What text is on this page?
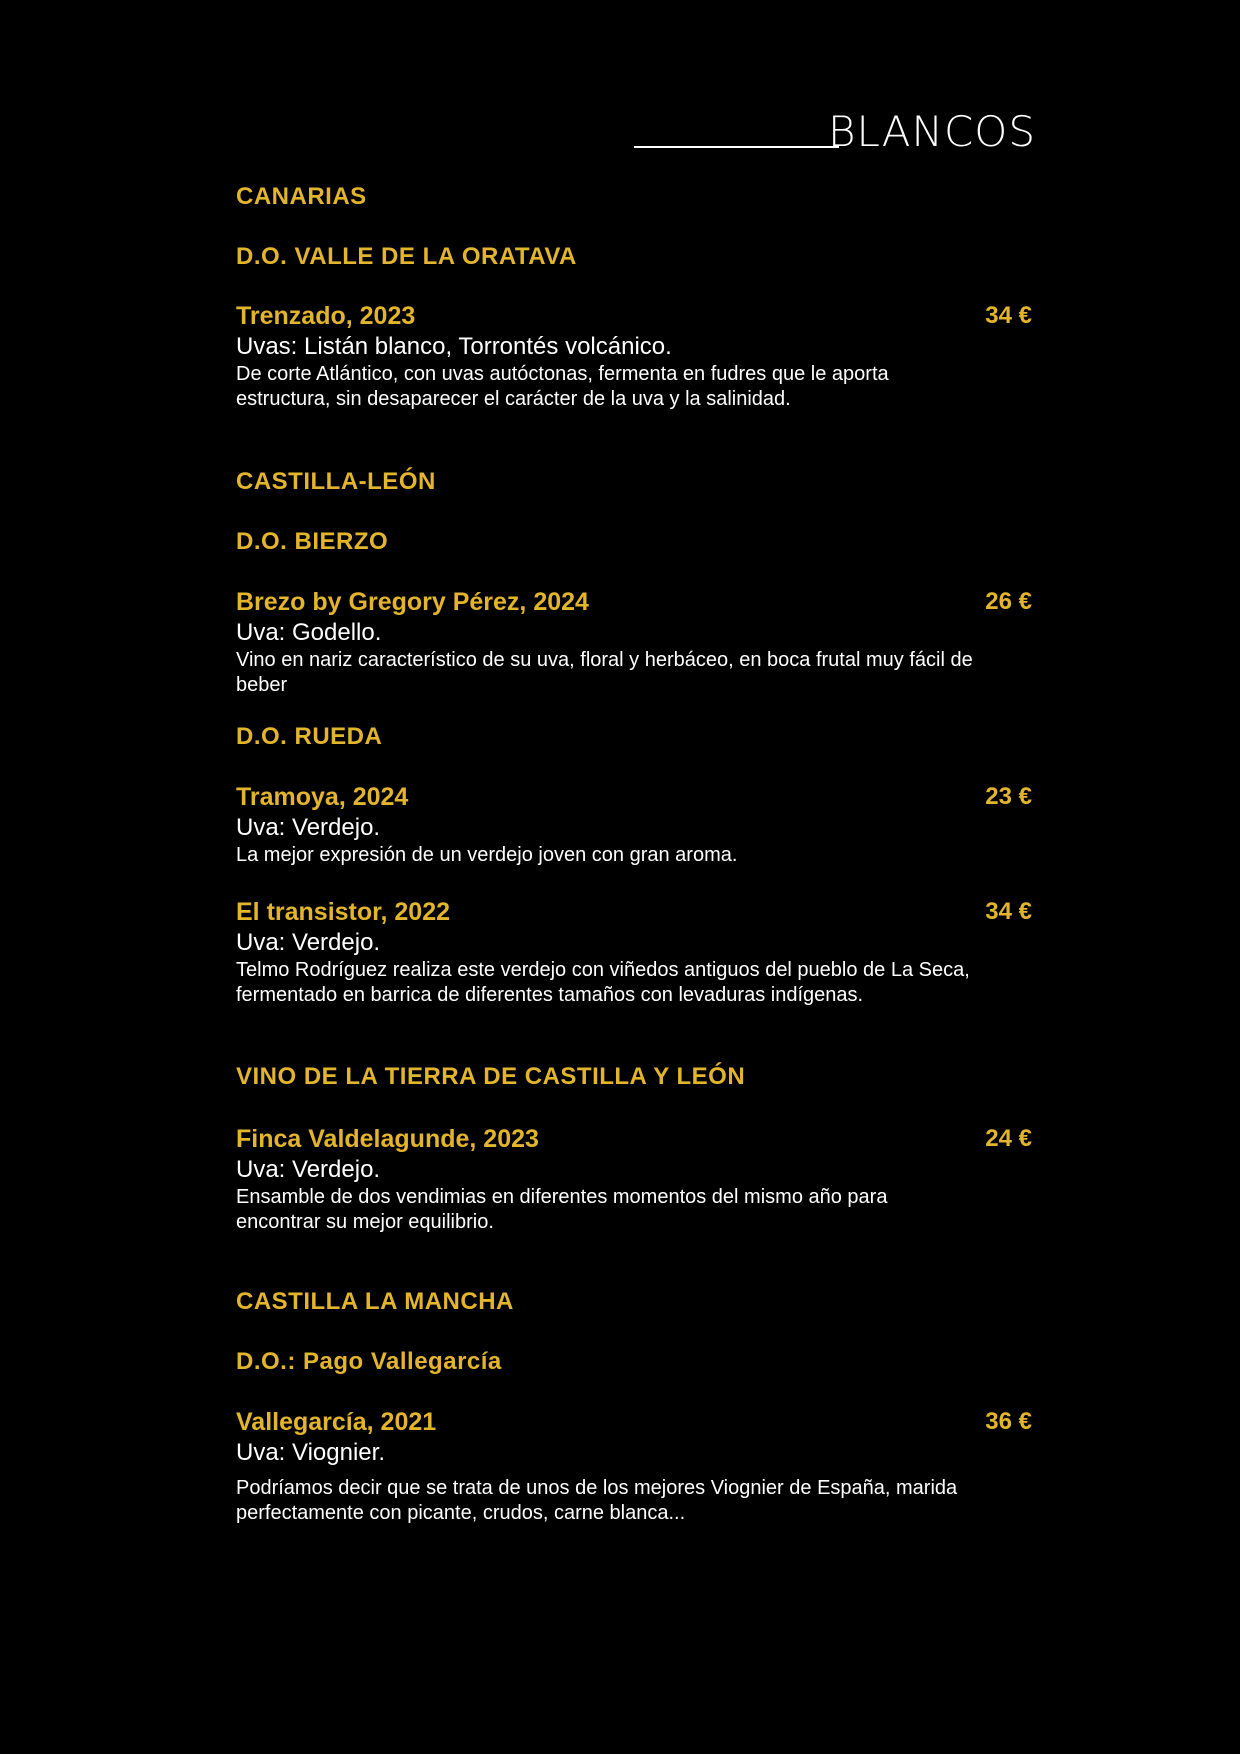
BLANCOS
CANARIAS
D.O. VALLE DE LA ORATAVA
Trenzado, 2023	34 €
Uvas: Listán blanco, Torrontés volcánico.
De corte Atlántico, con uvas autóctonas, fermenta en fudres que le aporta estructura, sin desaparecer el carácter de la uva y la salinidad.
CASTILLA-LEÓN
D.O. BIERZO
Brezo by Gregory Pérez, 2024	26 €
Uva: Godello.
Vino en nariz característico de su uva, floral y herbáceo, en boca frutal muy fácil de beber
D.O. RUEDA
Tramoya, 2024	23 €
Uva: Verdejo.
La mejor expresión de un verdejo joven con gran aroma.
El transistor, 2022	34 €
Uva: Verdejo.
Telmo Rodríguez realiza este verdejo con viñedos antiguos del pueblo de La Seca, fermentado en barrica de diferentes tamaños con levaduras indígenas.
VINO DE LA TIERRA DE CASTILLA Y LEÓN
Finca Valdelagunde, 2023	24 €
Uva: Verdejo.
Ensamble de dos vendimias en diferentes momentos del mismo año para encontrar su mejor equilibrio.
CASTILLA LA MANCHA
D.O.: Pago Vallegarcía
Vallegarcía, 2021	36 €
Uva: Viognier.
Podríamos decir que se trata de unos de los mejores Viognier de España, marida perfectamente con picante, crudos, carne blanca...
